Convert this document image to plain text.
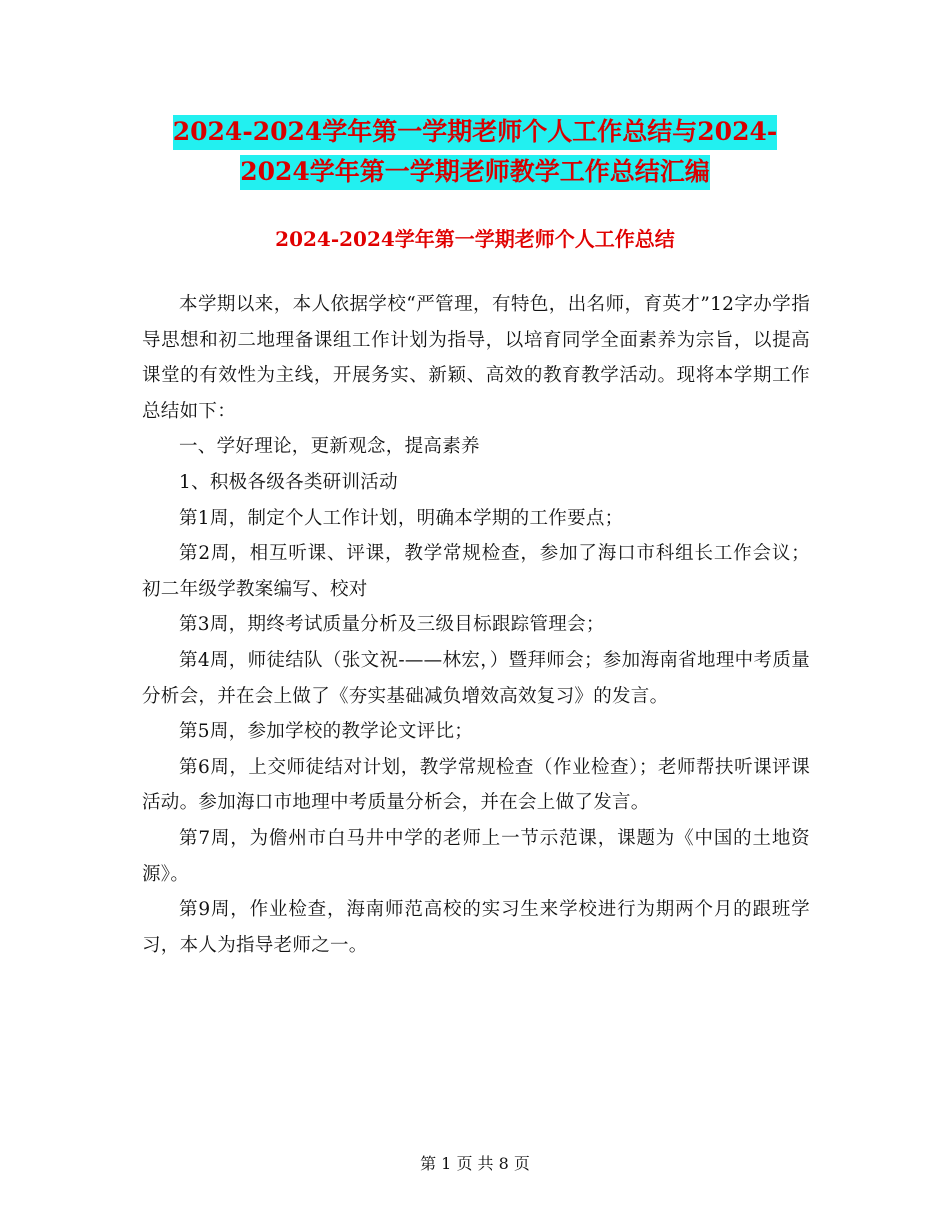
2024-2024学年第一学期老师个人工作总结与2024-2024学年第一学期老师教学工作总结汇编
2024-2024学年第一学期老师个人工作总结

本学期以来，本人依据学校“严管理，有特色，出名师，育英才”12字办学指导思想和初二地理备课组工作计划为指导，以培育同学全面素养为宗旨，以提高课堂的有效性为主线，开展务实、新颖、高效的教育教学活动。现将本学期工作总结如下：

一、学好理论，更新观念，提高素养

1、积极各级各类研训活动

第1周，制定个人工作计划，明确本学期的工作要点；

第2周，相互听课、评课，教学常规检查，参加了海口市科组长工作会议；初二年级学教案编写、校对

第3周，期终考试质量分析及三级目标跟踪管理会；

第4周，师徒结队（张文祝-——林宏，）暨拜师会；参加海南省地理中考质量分析会，并在会上做了《夯实基础减负增效高效复习》的发言。

第5周，参加学校的教学论文评比；

第6周，上交师徒结对计划，教学常规检查（作业检查）；老师帮扶听课评课活动。参加海口市地理中考质量分析会，并在会上做了发言。

第7周，为儋州市白马井中学的老师上一节示范课，课题为《中国的土地资源》。

第9周，作业检查，海南师范高校的实习生来学校进行为期两个月的跟班学习，本人为指导老师之一。

第 1 页 共 8 页
